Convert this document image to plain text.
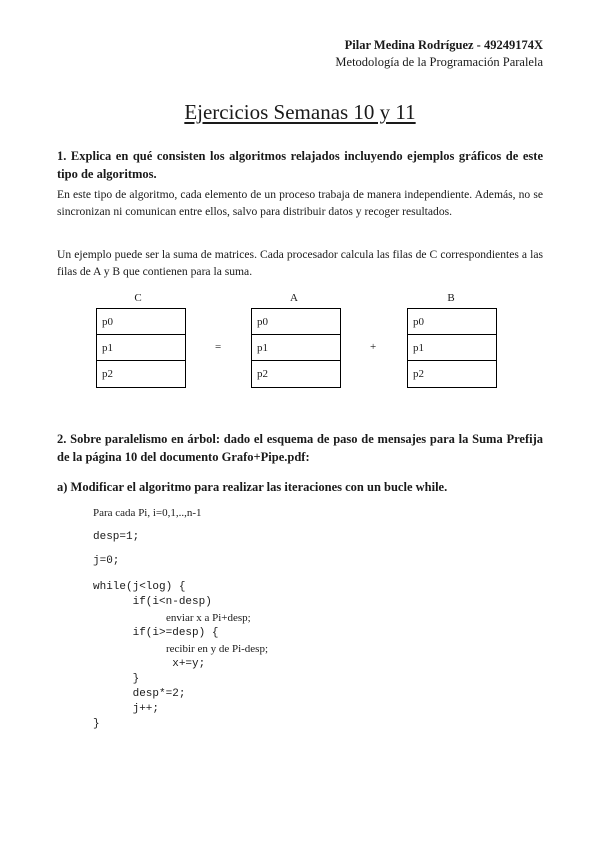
Pilar Medina Rodríguez - 49249174X
Metodología de la Programación Paralela
Ejercicios Semanas 10 y 11
1. Explica en qué consisten los algoritmos relajados incluyendo ejemplos gráficos de este tipo de algoritmos.
En este tipo de algoritmo, cada elemento de un proceso trabaja de manera independiente. Además, no se sincronizan ni comunican entre ellos, salvo para distribuir datos y recoger resultados.
Un ejemplo puede ser la suma de matrices. Cada procesador calcula las filas de C correspondientes a las filas de A y B que contienen para la suma.
C	A	B
p0
p1
p2
=
p0
p1
p2
+
p0
p1
p2
2. Sobre paralelismo en árbol: dado el esquema de paso de mensajes para la Suma Prefija de la página 10 del documento Grafo+Pipe.pdf:
a) Modificar el algoritmo para realizar las iteraciones con un bucle while.
Para cada Pi, i=0,1,..,n-1
desp=1;
j=0;
while(j<log) {
if(i<n-desp)
enviar x a Pi+desp;
if(i>=desp) {
recibir en y de Pi-desp;
x+=y;
}
desp*=2;
j++;
}
